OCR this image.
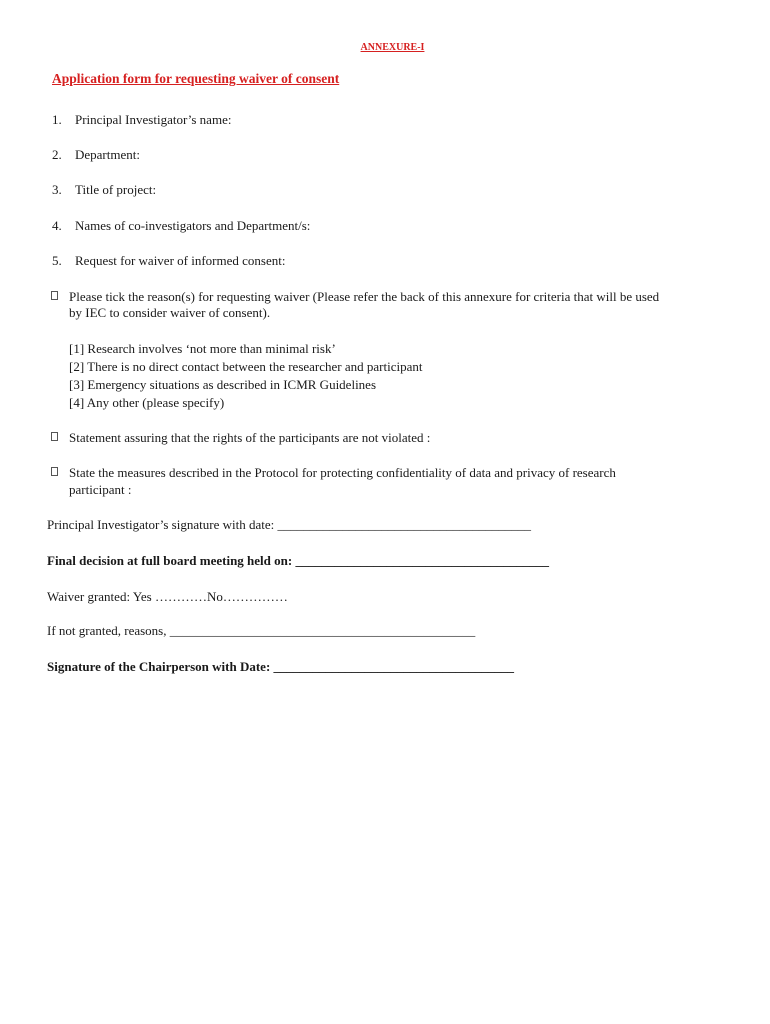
ANNEXURE-I
Application form for requesting waiver of consent
1. Principal Investigator’s name:
2. Department:
3. Title of project:
4. Names of co-investigators and Department/s:
5. Request for waiver of informed consent:
Please tick the reason(s) for requesting waiver (Please refer the back of this annexure for criteria that will be used
by IEC to consider waiver of consent).
[1] Research involves ‘not more than minimal risk’
[2] There is no direct contact between the researcher and participant
[3] Emergency situations as described in ICMR Guidelines
[4] Any other (please specify)
Statement assuring that the rights of the participants are not violated :
State the measures described in the Protocol for protecting confidentiality of data and privacy of research
participant :
Principal Investigator’s signature with date: _______________________________________
Final decision at full board meeting held on: _______________________________________
Waiver granted: Yes …………No……………
If not granted, reasons, _______________________________________________
Signature of the Chairperson with Date: _____________________________________
